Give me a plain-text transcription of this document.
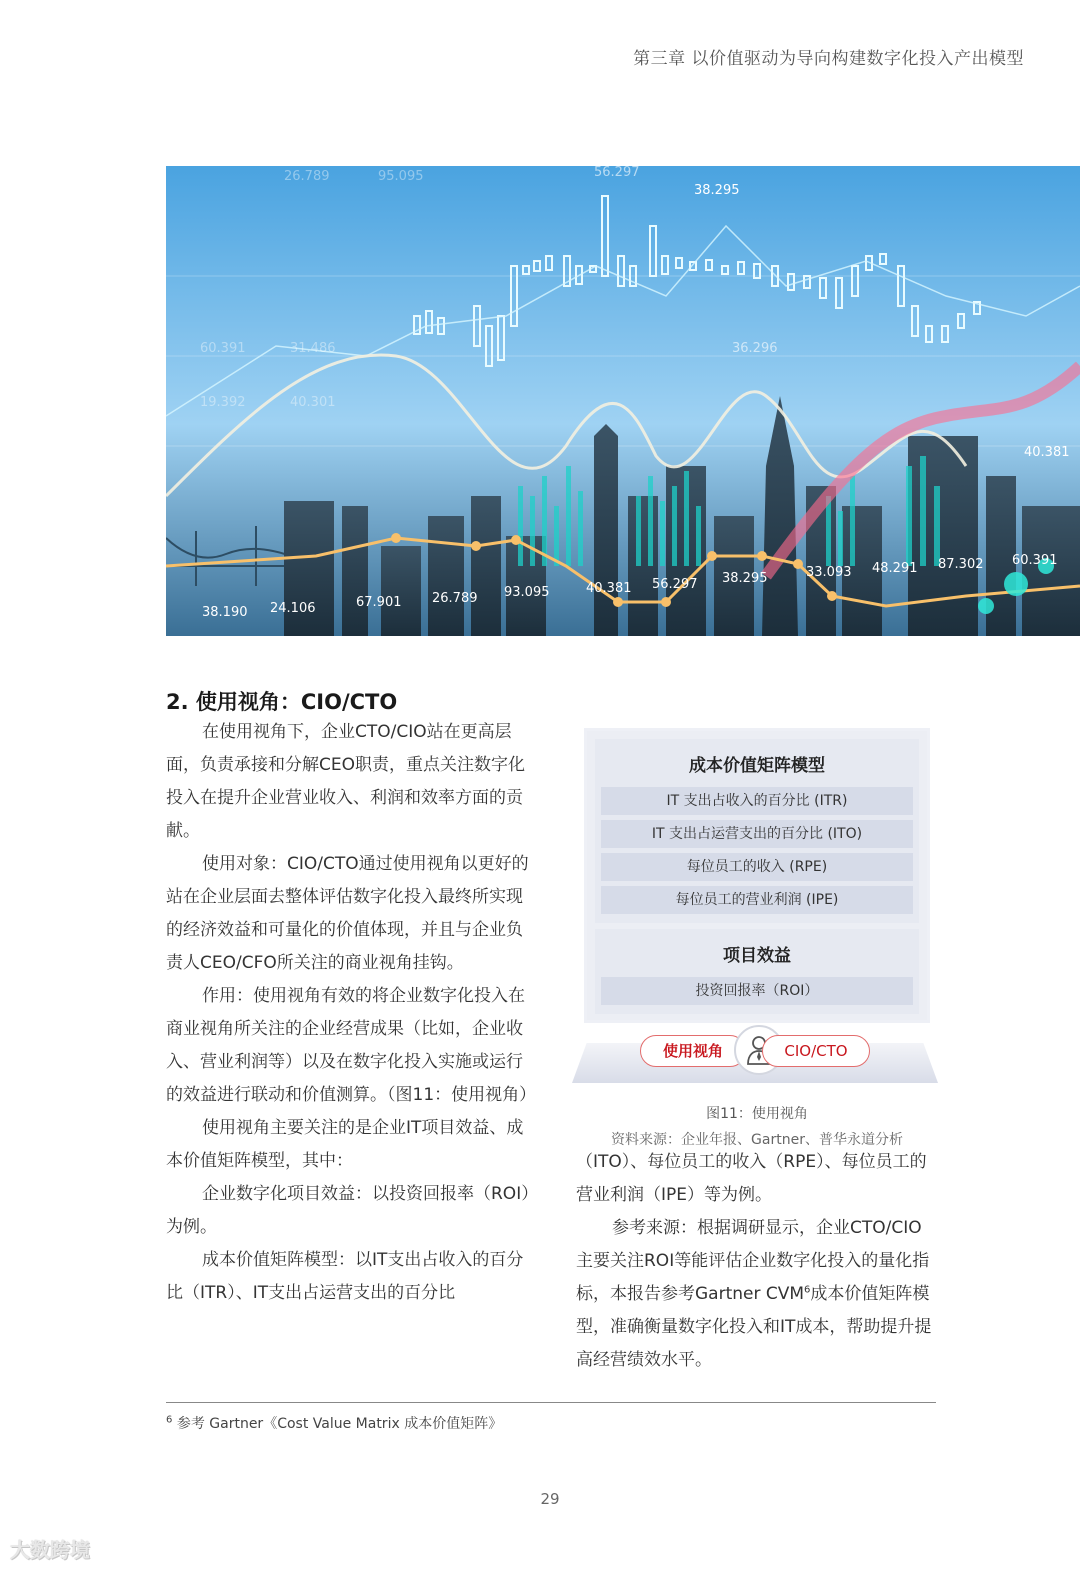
第三章 以价值驱动为导向构建数字化投入产出模型
38.295
56.297
36.296
67.901 26.789 93.095	40.381 56.297 38.295	33.093 48.291 87.302 60.391
38.190 24.106
40.381
26.789
60.391	31.486
19.392	40.301
95.095
2. 使用视角：CIO/CTO

在使用视角下，企业CTO/CIO站在更高层面，负责承接和分解CEO职责，重点关注数字化投入在提升企业营业收入、利润和效率方面的贡献。

使用对象：CIO/CTO通过使用视角以更好的站在企业层面去整体评估数字化投入最终所实现的经济效益和可量化的价值体现，并且与企业负责人CEO/CFO所关注的商业视角挂钩。

作用：使用视角有效的将企业数字化投入在商业视角所关注的企业经营成果（比如，企业收入、营业利润等）以及在数字化投入实施或运行的效益进行联动和价值测算。（图11：使用视角）

使用视角主要关注的是企业IT项目效益、成本价值矩阵模型，其中：

企业数字化项目效益：以投资回报率（ROI）为例。

成本价值矩阵模型：以IT支出占收入的百分比（ITR）、IT支出占运营支出的百分比

成本价值矩阵模型
IT 支出占收入的百分比 (ITR)
IT 支出占运营支出的百分比 (ITO)
每位员工的收入 (RPE)
每位员工的营业利润 (IPE)
项目效益
投资回报率（ROI）
使用视角	CIO/CTO
图11：使用视角
资料来源：企业年报、Gartner、普华永道分析

（ITO）、每位员工的收入（RPE）、每位员工的营业利润（IPE）等为例。

参考来源：根据调研显示，企业CTO/CIO主要关注ROI等能评估企业数字化投入的量化指标，本报告参考Gartner CVM$^6$成本价值矩阵模型，准确衡量数字化投入和IT成本，帮助提升提高经营绩效水平。

$^6$ 参考 Gartner《Cost Value Matrix 成本价值矩阵》
29
大数跨境
